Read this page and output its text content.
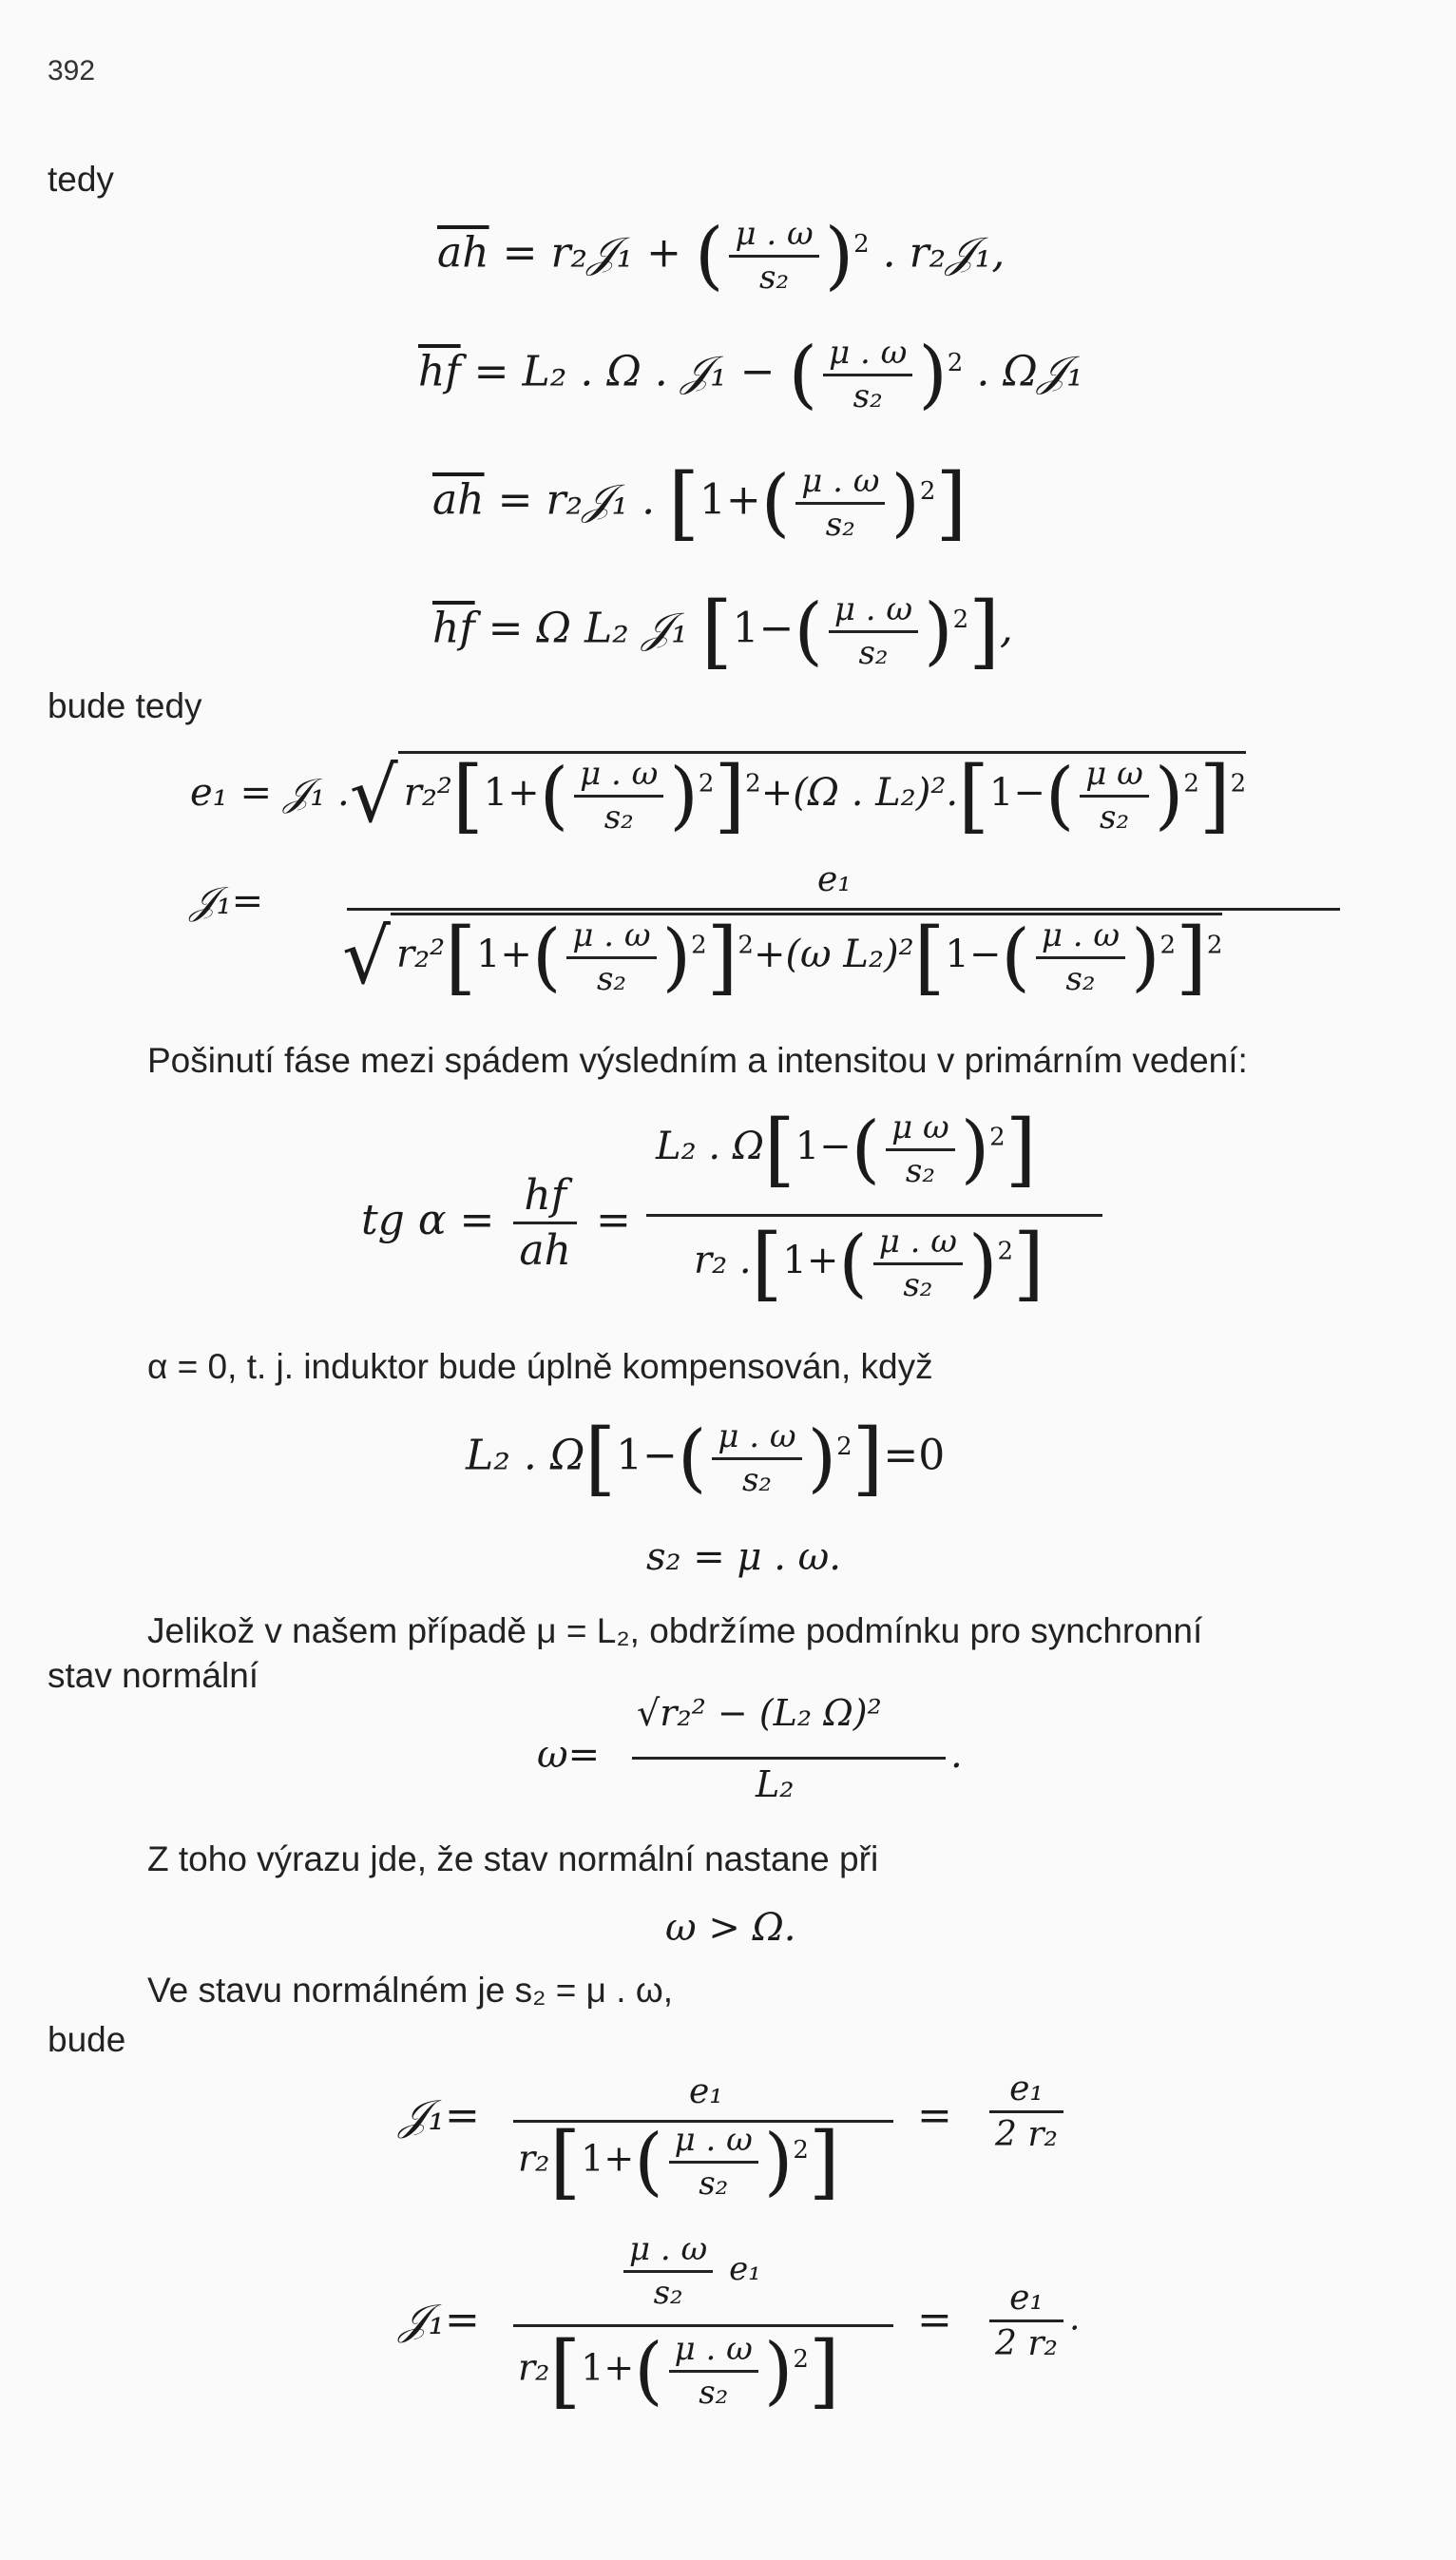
392
tedy
$\overline{ah}$ = r₂𝒥₁ + ( $\frac{\mu . \omega}{\text{s₂}} )^2$ . r₂𝒥₁,
$\overline{hf} = L_2$ . Ω . 𝒥₁ − ( $\frac{\mu . \omega}{\text{s₂}} )^2$ . Ω𝒥₁
$\overline{ah}$ = r₂𝒥₁ . $[1+( \frac{\mu . \omega}{\text{s₂}} )^2]$
$\overline{hf} = \Omega$ L₂ 𝒥₁ $[1-( \frac{\mu . \omega}{\text{s₂}} )^2]$,
bude tedy
e₁ = 𝒥₁ .√ $r_2^2[1+( \frac{\mu . \omega}{\text{s₂}} )^2]^2+(\Omega$ . $L_2)^2.[1-( \frac{\text{μ ω}}{\text{s₂}} )^2]^2$
𝒥₁=	e₁
√ $r_2^2[1+( \frac{\mu . \omega}{\text{s₂}} )^2]^2+(\omega$ $L_2)^2[1-( \frac{\mu . \omega}{\text{s₂}} )^2]^2$
Pošinutí fáse mezi spádem výsledním a intensitou v primárním vedení:
tg $\alpha = \frac{hf}{ah}$ =
L₂ . $\Omega[1-( \frac{\text{μ ω}}{\text{s₂}} )^2]$
r₂ $.[1+( \frac{\mu . \omega}{\text{s₂}} )^2]$
α = 0, t. j. induktor bude úplně kompensován, když
L₂ . $\Omega[1-( \frac{\mu . \omega}{\text{s₂}} )^2]=0$
s₂ = μ . ω.
Jelikož v našem případě μ = L₂, obdržíme podmínku pro synchronní
stav normální
ω=
√r₂² − (L₂ Ω)²
L₂
.
Z toho výrazu jde, že stav normální nastane při
ω > Ω.
Ve stavu normálném je s₂ = μ . ω,
bude
𝒥₁=	e₁
$r_2[1+( \frac{\mu . \omega}{\text{s₂}} )^2] = \frac{\text{e₁}}{\text{2 r₂}}$
𝒥₁=
$\frac{\mu . \omega}{\text{s₂}} e_1$
$r_2[1+( \frac{\mu . \omega}{\text{s₂}} )^2]$
= $\frac{\text{e₁}}{\text{2 r₂}}$ .
